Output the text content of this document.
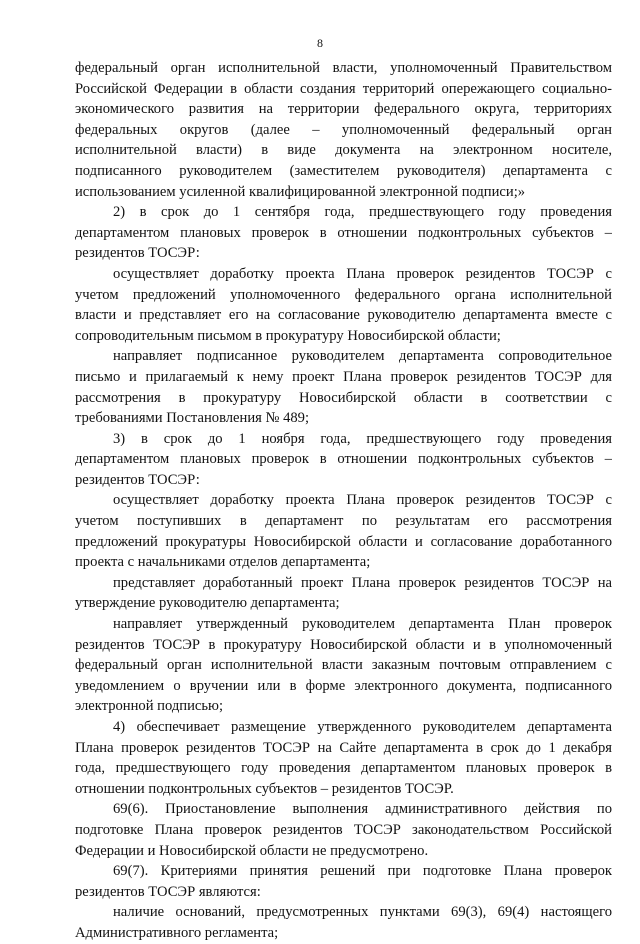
8
федеральный орган исполнительной власти, уполномоченный Правительством
Российской Федерации в области создания территорий опережающего социально-
экономического развития на территории федерального округа, территориях
федеральных округов (далее – уполномоченный федеральный орган
исполнительной власти) в виде документа на электронном носителе,
подписанного руководителем (заместителем руководителя) департамента с
использованием усиленной квалифицированной электронной подписи;»
2) в срок до 1 сентября года, предшествующего году проведения
департаментом плановых проверок в отношении подконтрольных субъектов –
резидентов ТОСЭР:
осуществляет доработку проекта Плана проверок резидентов ТОСЭР с
учетом предложений уполномоченного федерального органа исполнительной
власти и представляет его на согласование руководителю департамента вместе с
сопроводительным письмом в прокуратуру Новосибирской области;
направляет подписанное руководителем департамента сопроводительное
письмо и прилагаемый к нему проект Плана проверок резидентов ТОСЭР для
рассмотрения в прокуратуру Новосибирской области в соответствии с
требованиями Постановления № 489;
3) в срок до 1 ноября года, предшествующего году проведения
департаментом плановых проверок в отношении подконтрольных субъектов –
резидентов ТОСЭР:
осуществляет доработку проекта Плана проверок резидентов ТОСЭР с
учетом поступивших в департамент по результатам его рассмотрения
предложений прокуратуры Новосибирской области и согласование доработанного
проекта с начальниками отделов департамента;
представляет доработанный проект Плана проверок резидентов ТОСЭР на
утверждение руководителю департамента;
направляет утвержденный руководителем департамента План проверок
резидентов ТОСЭР в прокуратуру Новосибирской области и в уполномоченный
федеральный орган исполнительной власти заказным почтовым отправлением с
уведомлением о вручении или в форме электронного документа, подписанного
электронной подписью;
4) обеспечивает размещение утвержденного руководителем департамента
Плана проверок резидентов ТОСЭР на Сайте департамента в срок до 1 декабря
года, предшествующего году проведения департаментом плановых проверок в
отношении подконтрольных субъектов – резидентов ТОСЭР.
69(6). Приостановление выполнения административного действия по
подготовке Плана проверок резидентов ТОСЭР законодательством Российской
Федерации и Новосибирской области не предусмотрено.
69(7). Критериями принятия решений при подготовке Плана проверок
резидентов ТОСЭР являются:
наличие оснований, предусмотренных пунктами 69(3), 69(4) настоящего
Административного регламента;
